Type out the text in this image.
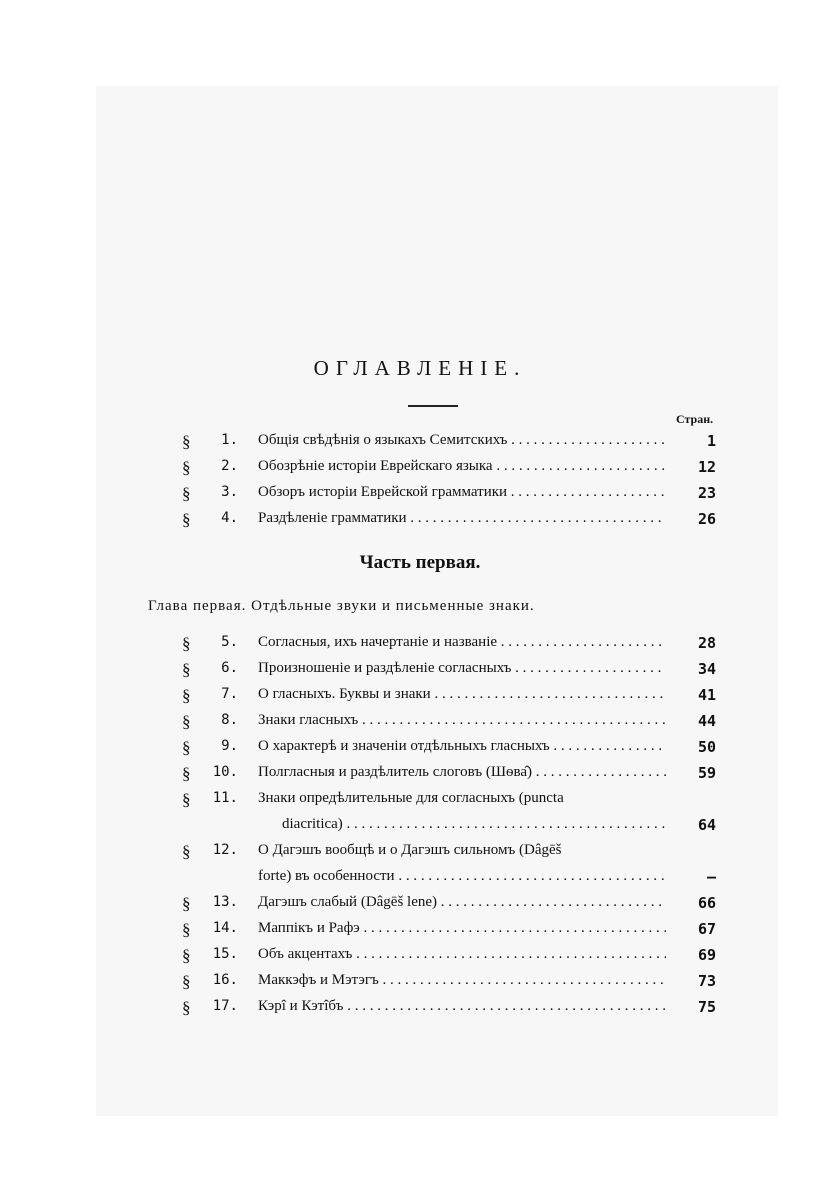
ОГЛАВЛЕНІЕ.
Стран.
§	1. Общія свѣдѣнія о языкахъ Семитскихъ . . .	1
§	2. Обозрѣніе исторіи Еврейскаго языка . . .	12
§	3. Обзоръ исторіи Еврейской грамматики . . .	23
§	4. Раздѣленіе грамматики . . .	26
Часть первая.
Глава первая. Отдѣльные звуки и письменные знаки.
§	5. Согласныя, ихъ начертаніе и названіе . . .	28
§	6. Произношеніе и раздѣленіе согласныхъ . . .	34
§	7. О гласныхъ. Буквы и знаки . . .	41
§	8. Знаки гласныхъ . . .	44
§	9. О характерѣ и значеніи отдѣльныхъ гласныхъ . . .	50
§	10. Полгласныя и раздѣлитель слоговъ (Шѳва̂) . . .	59
§	11. Знаки опредѣлительные для согласныхъ (puncta
diacritica) . . .	64
§	12. О Дагэшъ вообщѣ и о Дагэшъ сильномъ (Dâgēš
forte) въ особенности . . .	—
§	13. Дагэшъ слабый (Dâgēš lene) . . .	66
§	14. Маппікъ и Рафэ . . .	67
§	15. Объ акцентахъ . . .	69
§	16. Маккэфъ и Мэтэгъ . . .	73
§	17. Кэрî и Кэтîбъ . . .	75
